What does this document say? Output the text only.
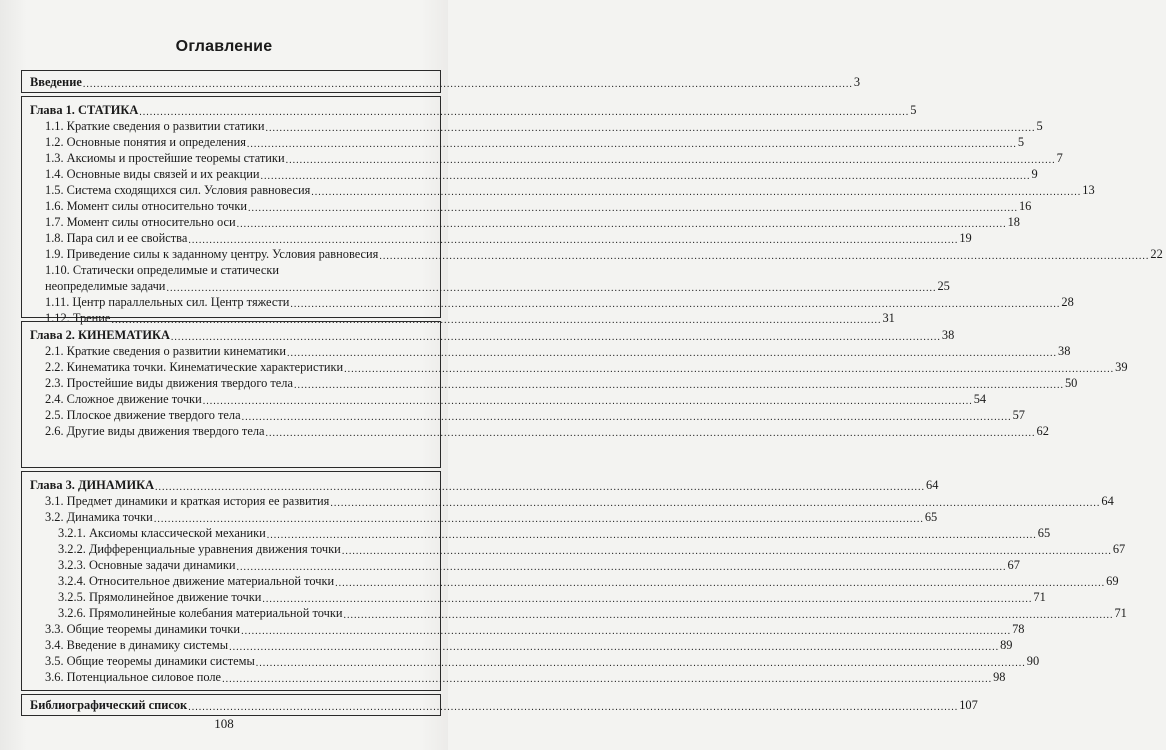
Оглавление
Введение .....	3
Глава 1. СТАТИКА .....	5
1.1. Краткие сведения о развитии статики .....	5
1.2. Основные понятия и определения .....	5
1.3. Аксиомы и простейшие теоремы статики .....	7
1.4. Основные виды связей и их реакции .....	9
1.5. Система сходящихся сил. Условия равновесия .....	13
1.6. Момент силы относительно точки .....	16
1.7. Момент силы относительно оси .....	18
1.8. Пара сил и ее свойства .....	19
1.9. Приведение силы к заданному центру. Условия равновесия .....	22
1.10. Статически определимые и статически
неопределимые задачи .....	25
1.11. Центр параллельных сил. Центр тяжести .....	28
1.12. Трение .....	31
Глава 2. КИНЕМАТИКА .....	38
2.1. Краткие сведения о развитии кинематики .....	38
2.2. Кинематика точки. Кинематические характеристики .....	39
2.3. Простейшие виды движения твердого тела .....	50
2.4. Сложное движение точки .....	54
2.5. Плоское движение твердого тела .....	57
2.6. Другие виды движения твердого тела .....	62
Глава 3. ДИНАМИКА .....	64
3.1. Предмет динамики и краткая история ее развития .....	64
3.2. Динамика точки .....	65
3.2.1. Аксиомы классической механики .....	65
3.2.2. Дифференциальные уравнения движения точки .....	67
3.2.3. Основные задачи динамики .....	67
3.2.4. Относительное движение материальной точки .....	69
3.2.5. Прямолинейное движение точки .....	71
3.2.6. Прямолинейные колебания материальной точки .....	71
3.3. Общие теоремы динамики точки .....	78
3.4. Введение в динамику системы .....	89
3.5. Общие теоремы динамики системы .....	90
3.6. Потенциальное силовое поле .....	98
Библиографический список .....	107
108
